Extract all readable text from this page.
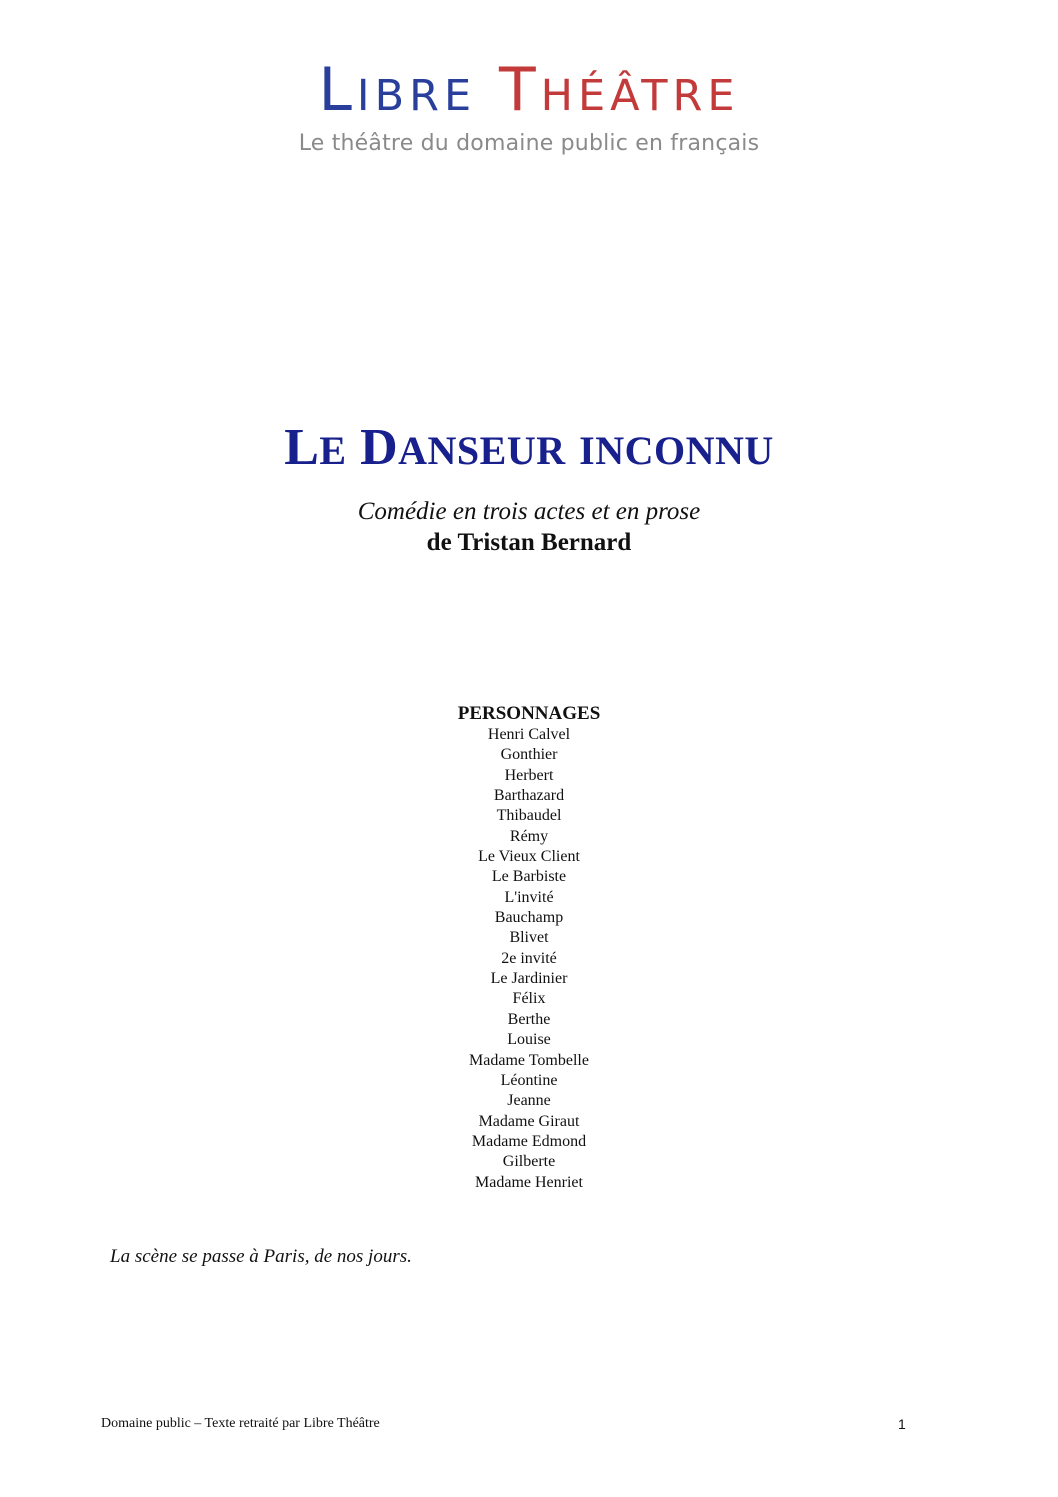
LIBRE THÉÂTRE
Le théâtre du domaine public en français
LE DANSEUR INCONNU
Comédie en trois actes et en prose
de Tristan Bernard
PERSONNAGES
Henri Calvel
Gonthier
Herbert
Barthazard
Thibaudel
Rémy
Le Vieux Client
Le Barbiste
L'invité
Bauchamp
Blivet
2e invité
Le Jardinier
Félix
Berthe
Louise
Madame Tombelle
Léontine
Jeanne
Madame Giraut
Madame Edmond
Gilberte
Madame Henriet
La scène se passe à Paris, de nos jours.
Domaine public – Texte retraité par Libre Théâtre	1
